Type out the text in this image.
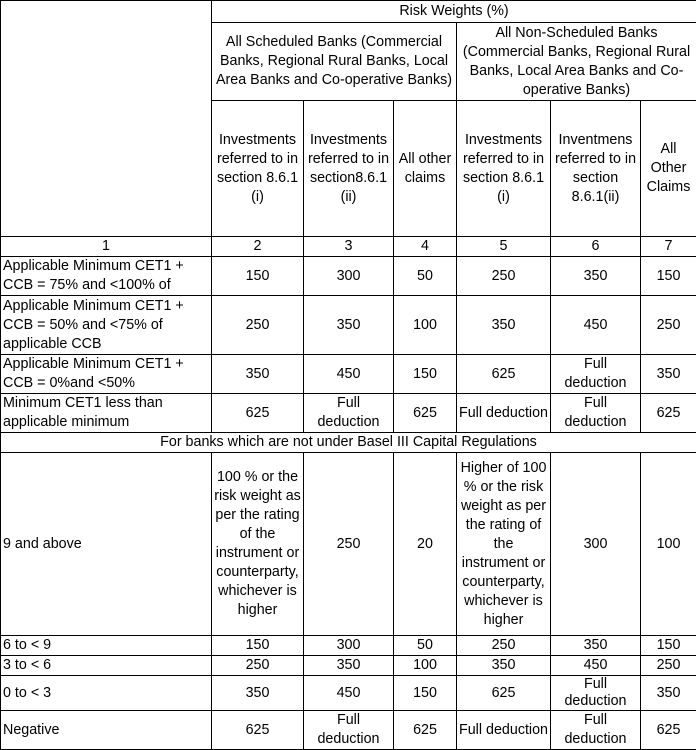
	Risk Weights (%)					
	All Scheduled Banks (Commercial Banks, Regional Rural Banks, Local Area Banks and Co-operative Banks)			All Non-Scheduled Banks (Commercial Banks, Regional Rural Banks, Local Area Banks and Co-operative Banks)		
	Investments referred to in section 8.6.1 (i)	Investments referred to in section8.6.1 (ii)	All other claims	Investments referred to in section 8.6.1 (i)	Inventmens referred to in section 8.6.1(ii)	All Other Claims
1	2	3	4	5	6	7
Applicable Minimum CET1 + CCB = 75% and <100% of	150	300	50	250	350	150
Applicable Minimum CET1 + CCB = 50% and <75% of applicable CCB	250	350	100	350	450	250
Applicable Minimum CET1 + CCB = 0%and <50%	350	450	150	625	Full deduction	350
Minimum CET1 less than applicable minimum	625	Full deduction	625	Full deduction	Full deduction	625
For banks which are not under Basel III Capital Regulations						
9 and above	100 % or the risk weight as per the rating of the instrument or counterparty, whichever is higher	250	20	Higher of 100 % or the risk weight as per the rating of the instrument or counterparty, whichever is higher	300	100
6 to < 9	150	300	50	250	350	150
3 to < 6	250	350	100	350	450	250
0 to < 3	350	450	150	625	Full deduction	350
Negative	625	Full deduction	625	Full deduction	Full deduction	625
